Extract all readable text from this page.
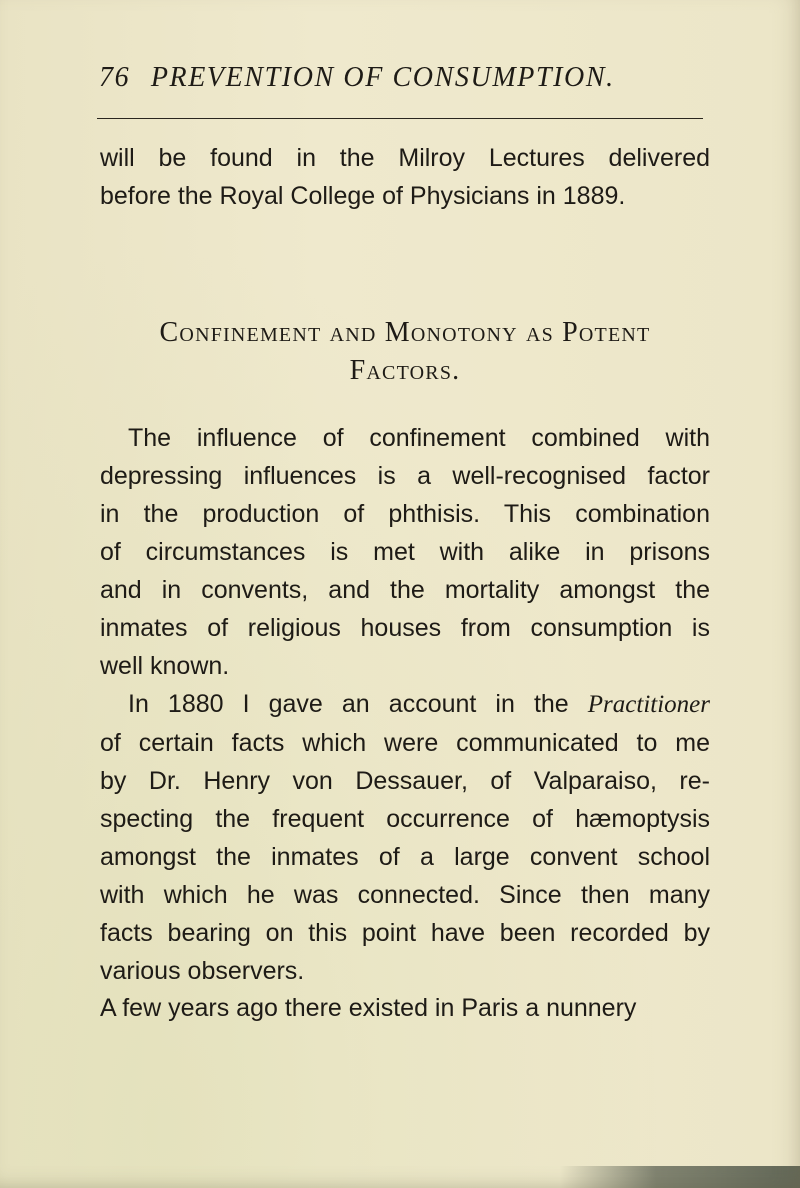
76 PREVENTION OF CONSUMPTION.
will be found in the Milroy Lectures delivered
before the Royal College of Physicians in 1889.
Confinement and Monotony as Potent
Factors.
The influence of confinement combined with
depressing influences is a well-recognised factor
in the production of phthisis. This combination
of circumstances is met with alike in prisons
and in convents, and the mortality amongst the
inmates of religious houses from consumption is
well known.
In 1880 I gave an account in the Practitioner
of certain facts which were communicated to me
by Dr. Henry von Dessauer, of Valparaiso, re-
specting the frequent occurrence of hæmoptysis
amongst the inmates of a large convent school
with which he was connected. Since then many
facts bearing on this point have been recorded by
various observers.
A few years ago there existed in Paris a nunnery
